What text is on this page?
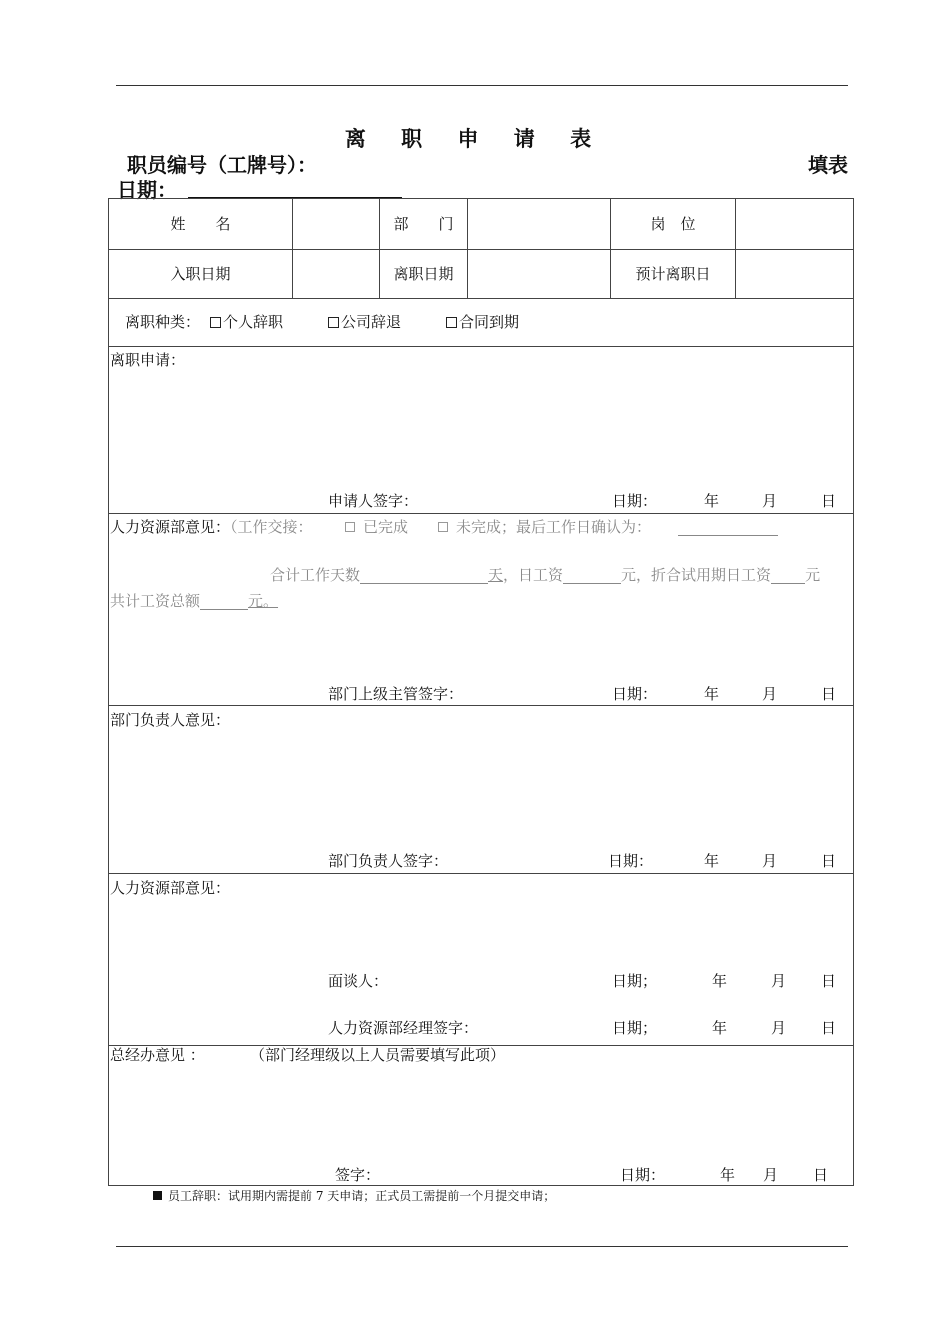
离 职 申 请 表
职员编号（工牌号）：	填表
日期：
姓　　名	部　　门	岗　位
入职日期	离职日期	预计离职日
离职种类：	个人辞职	公司辞退	合同到期
离职申请：
申请人签字：	日期：	年	月	日
人力资源部意见：（工作交接：	已完成	未完成；最后工作日确认为：
合计工作天数	天，日工资	元，折合试用期日工资 元
共计工资总额	元。
部门上级主管签字：	日期：	年	月	日
部门负责人意见：
部门负责人签字：	日期：	年	月	日
人力资源部意见：
面谈人：	日期；	年	月 日
人力资源部经理签字：	日期；	年	月 日
总经办意见 ：	（部门经理级以上人员需要填写此项）
签字：	日期：	年 月 日
员工辞职：试用期内需提前 7 天申请；正式员工需提前一个月提交申请；
